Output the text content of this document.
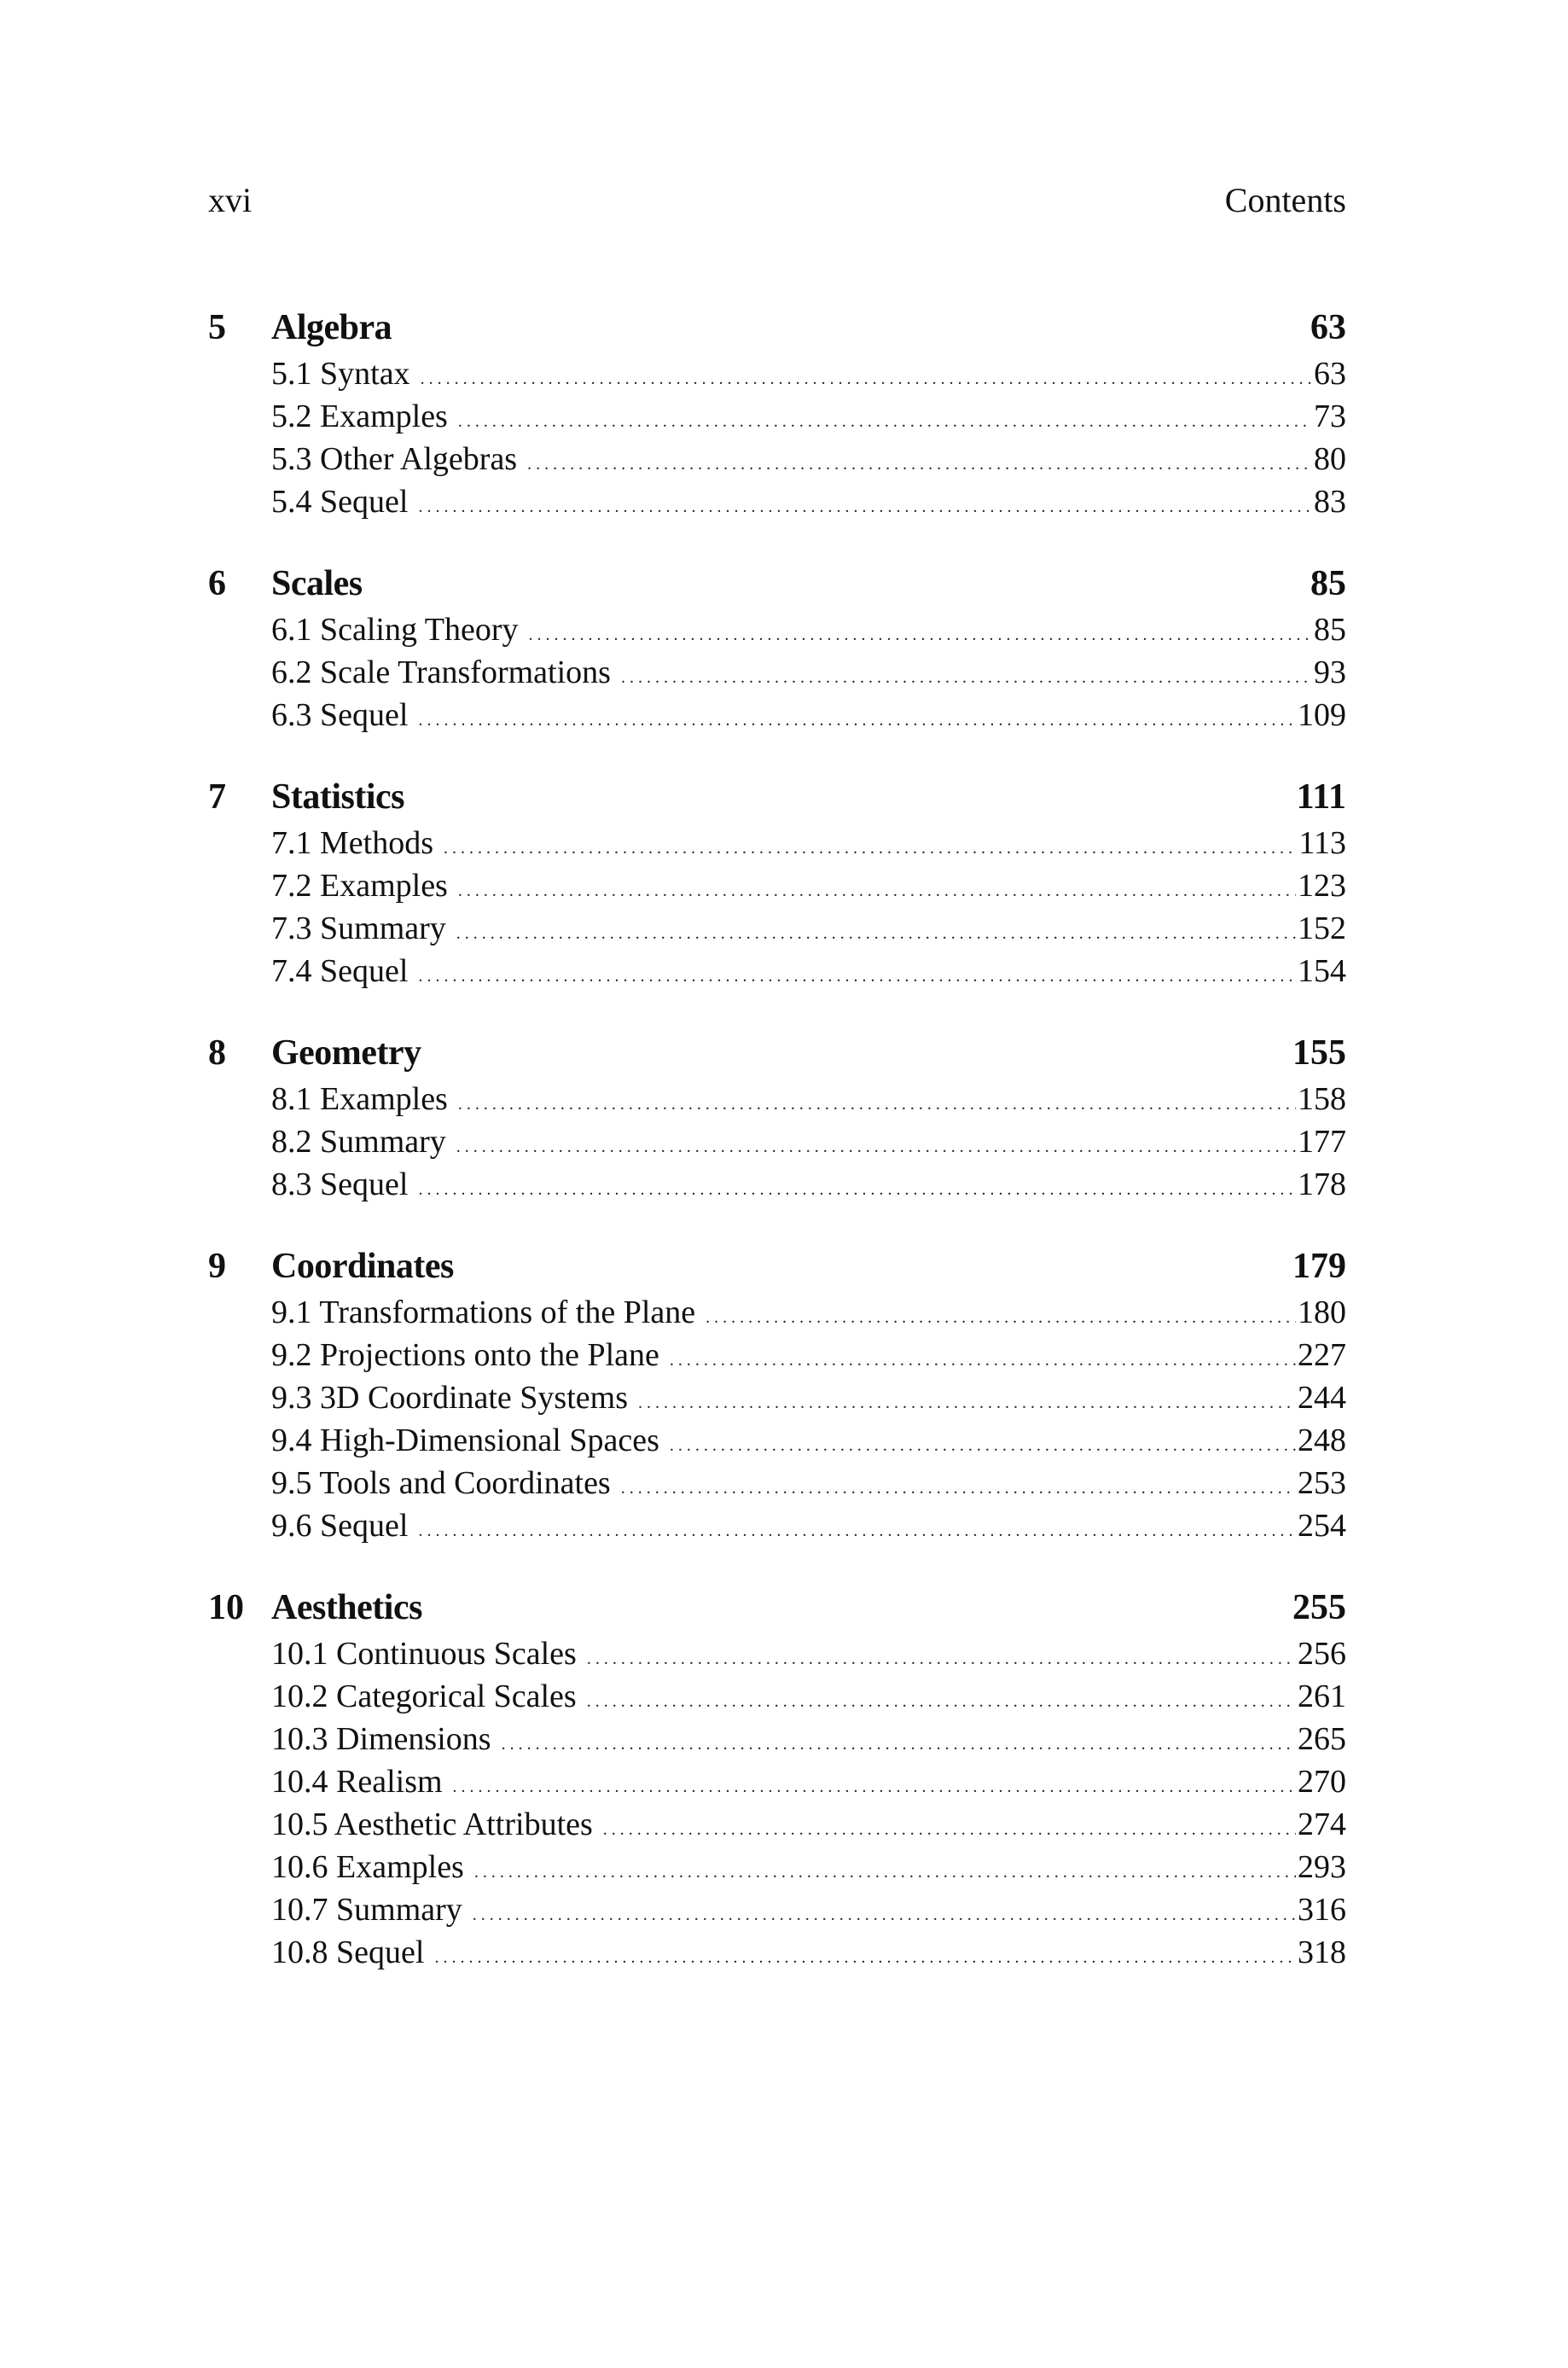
xvi	Contents
5 Algebra	63
5.1 Syntax . . .	63
5.2 Examples . . .	73
5.3 Other Algebras . . .	80
5.4 Sequel . . .	83
6 Scales	85
6.1 Scaling Theory . . .	85
6.2 Scale Transformations . . .	93
6.3 Sequel . . .	109
7 Statistics	111
7.1 Methods . . .	113
7.2 Examples . . .	123
7.3 Summary . . .	152
7.4 Sequel . . .	154
8 Geometry	155
8.1 Examples . . .	158
8.2 Summary . . .	177
8.3 Sequel . . .	178
9 Coordinates	179
9.1 Transformations of the Plane . . .	180
9.2 Projections onto the Plane . . .	227
9.3 3D Coordinate Systems . . .	244
9.4 High-Dimensional Spaces . . .	248
9.5 Tools and Coordinates . . .	253
9.6 Sequel . . .	254
10 Aesthetics	255
10.1 Continuous Scales . . .	256
10.2 Categorical Scales . . .	261
10.3 Dimensions . . .	265
10.4 Realism . . .	270
10.5 Aesthetic Attributes . . .	274
10.6 Examples . . .	293
10.7 Summary . . .	316
10.8 Sequel . . .	318
